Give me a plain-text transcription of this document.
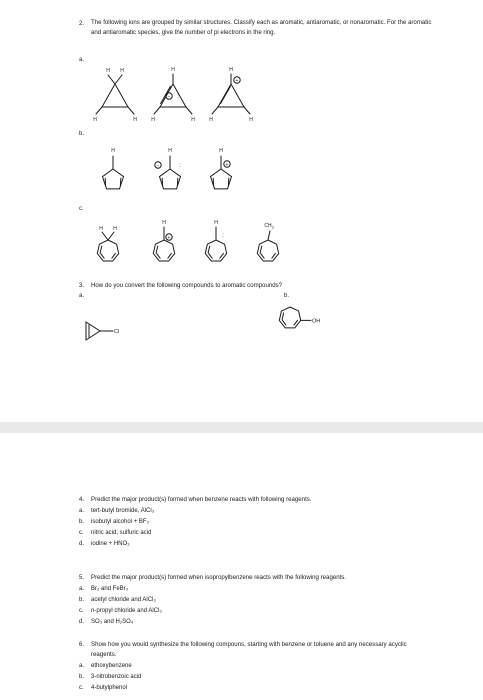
2. The following ions are grouped by similar structures. Classify each as aromatic, antiaromatic, or nonaromatic. For the aromatic and antiaromatic species, give the number of pi electrons in the ring.
a.
b.
c.
3. How do you convert the following compounds to aromatic compounds?
a.	b.
H H
H	H
H
H	H
H
H	H
H	H	H
H H
H	H	$CH_3$
− :
+
−	:	+
+	:
Cl
OH
4. Predict the major product(s) formed when benzene reacts with following reagents.
a. tert-butyl bromide, AlCl₃
b. isobutyl alcohol + BF₃
c. nitric acid, sulfuric acid
d. iodine + HNO₃
5. Predict the major product(s) formed when isopropylbenzene reacts with the following reagents.
a. Br₂ and FeBr₃
b. acetyl chloride and AlCl₃
c. n-propyl chloride and AlCl₃
d. SO₃ and H₂SO₄
6. Show how you would synthesize the following compouns, starting with benzene or toluene and any necessary acyclic reagents.
a. ethoxybenzene
b. 3-nitrobenzoic acid
c. 4-butylphenol
